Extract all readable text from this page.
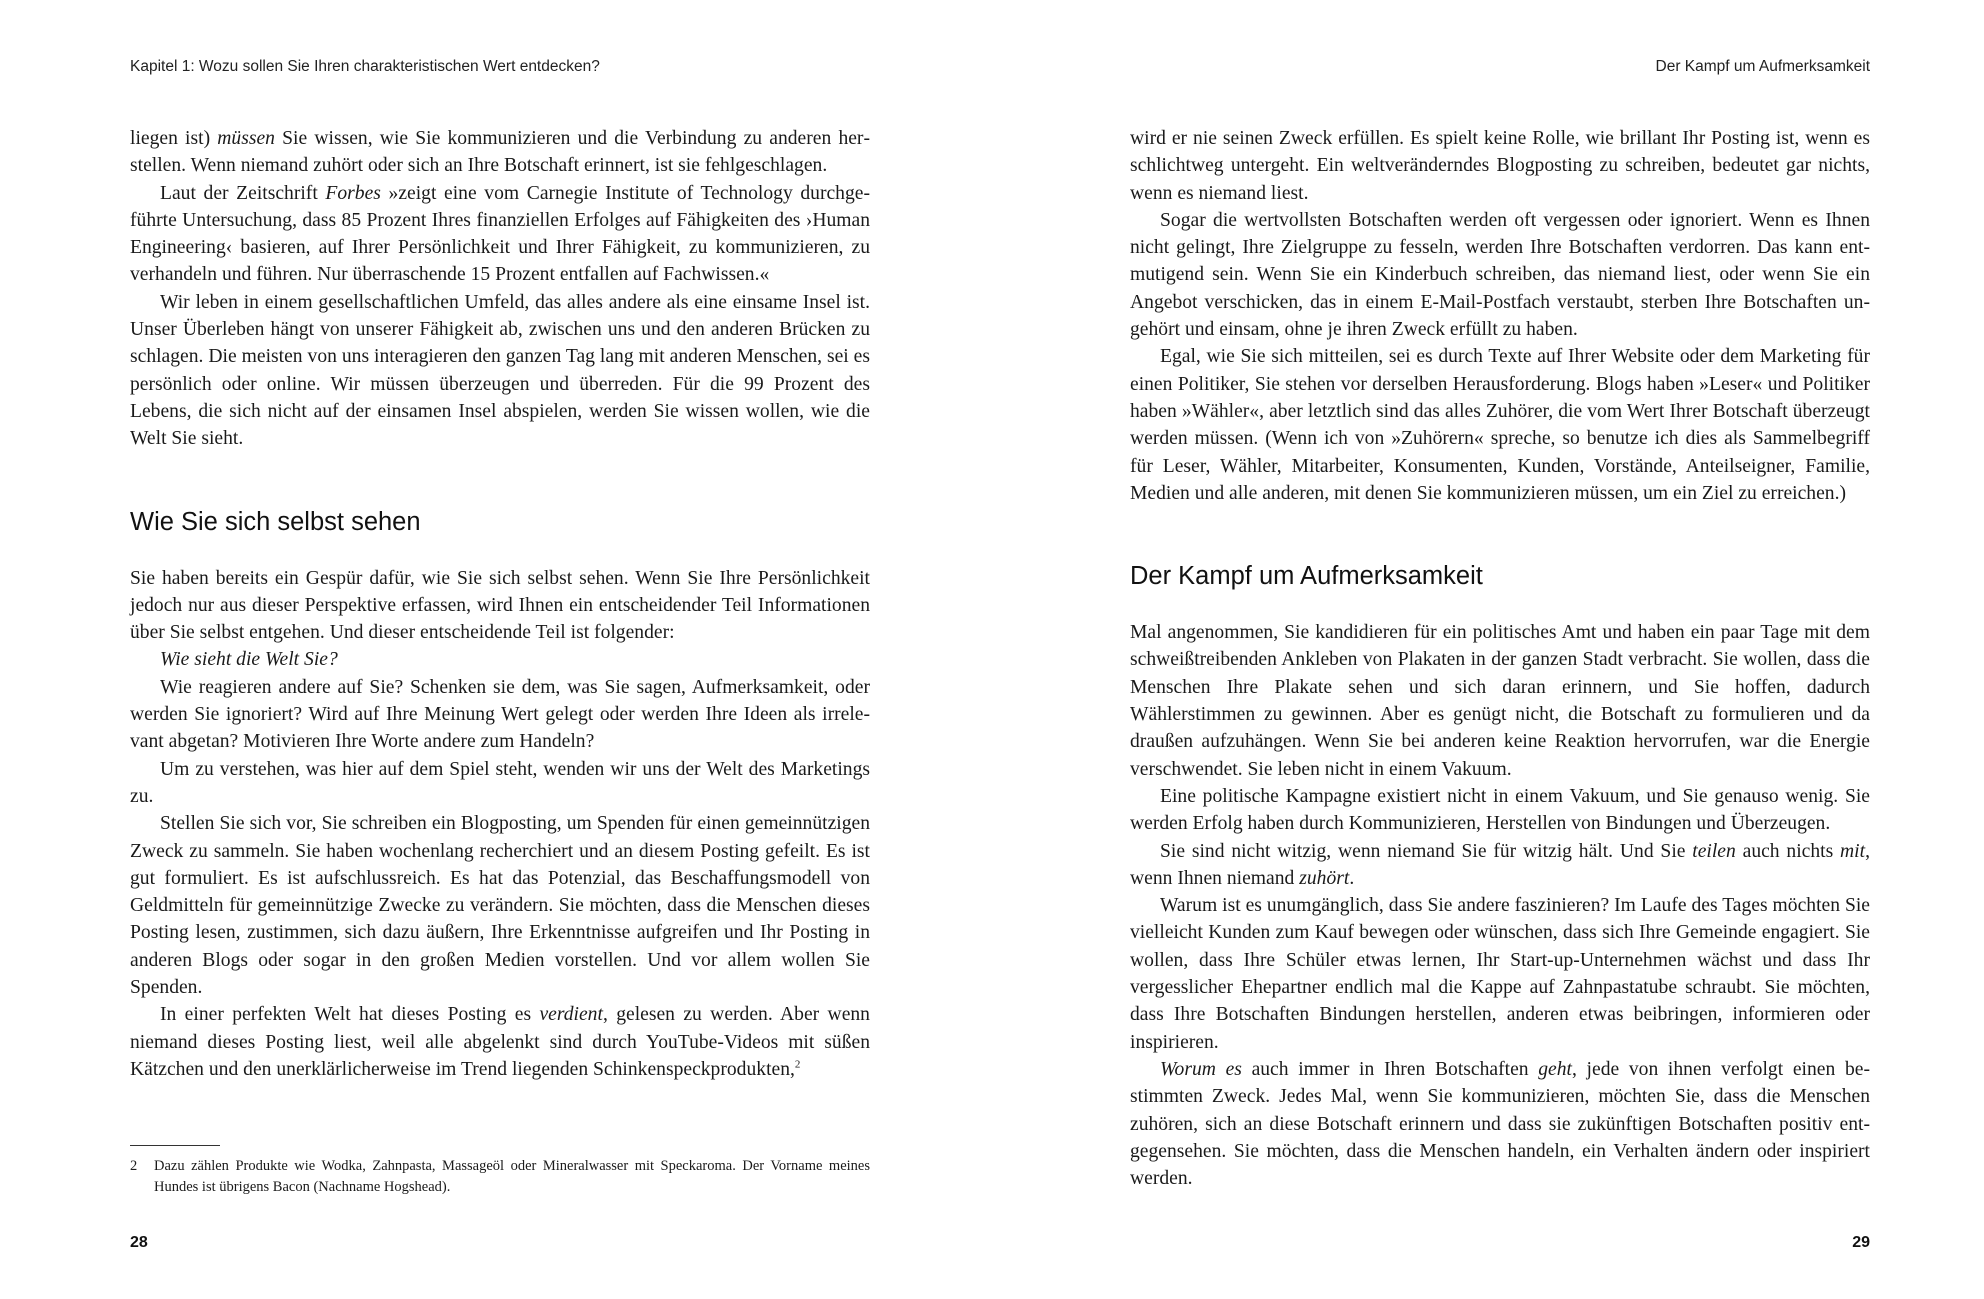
Kapitel 1: Wozu sollen Sie Ihren charakteristischen Wert entdecken?

liegen ist) müssen Sie wissen, wie Sie kommunizieren und die Verbindung zu anderen herstellen. Wenn niemand zuhört oder sich an Ihre Botschaft erinnert, ist sie fehlgeschlagen.

Laut der Zeitschrift Forbes »zeigt eine vom Carnegie Institute of Technology durchgeführte Untersuchung, dass 85 Prozent Ihres finanziellen Erfolges auf Fähigkeiten des ›Human Engineering‹ basieren, auf Ihrer Persönlichkeit und Ihrer Fähigkeit, zu kommunizieren, zu verhandeln und führen. Nur überraschende 15 Prozent entfallen auf Fachwissen.«

Wir leben in einem gesellschaftlichen Umfeld, das alles andere als eine einsame Insel ist. Unser Überleben hängt von unserer Fähigkeit ab, zwischen uns und den anderen Brücken zu schlagen. Die meisten von uns interagieren den ganzen Tag lang mit anderen Menschen, sei es persönlich oder online. Wir müssen überzeugen und überreden. Für die 99 Prozent des Lebens, die sich nicht auf der einsamen Insel abspielen, werden Sie wissen wollen, wie die Welt Sie sieht.

Wie Sie sich selbst sehen

Sie haben bereits ein Gespür dafür, wie Sie sich selbst sehen. Wenn Sie Ihre Persönlichkeit jedoch nur aus dieser Perspektive erfassen, wird Ihnen ein entscheidender Teil Informationen über Sie selbst entgehen. Und dieser entscheidende Teil ist folgender:

Wie sieht die Welt Sie?

Wie reagieren andere auf Sie? Schenken sie dem, was Sie sagen, Aufmerksamkeit, oder werden Sie ignoriert? Wird auf Ihre Meinung Wert gelegt oder werden Ihre Ideen als irrelevant abgetan? Motivieren Ihre Worte andere zum Handeln?

Um zu verstehen, was hier auf dem Spiel steht, wenden wir uns der Welt des Marketings zu.

Stellen Sie sich vor, Sie schreiben ein Blogposting, um Spenden für einen gemeinnützigen Zweck zu sammeln. Sie haben wochenlang recherchiert und an diesem Posting gefeilt. Es ist gut formuliert. Es ist aufschlussreich. Es hat das Potenzial, das Beschaffungsmodell von Geldmitteln für gemeinnützige Zwecke zu verändern. Sie möchten, dass die Menschen dieses Posting lesen, zustimmen, sich dazu äußern, Ihre Erkenntnisse aufgreifen und Ihr Posting in anderen Blogs oder sogar in den großen Medien vorstellen. Und vor allem wollen Sie Spenden.

In einer perfekten Welt hat dieses Posting es verdient, gelesen zu werden. Aber wenn niemand dieses Posting liest, weil alle abgelenkt sind durch YouTube-Videos mit süßen Kätzchen und den unerklärlicherweise im Trend liegenden Schinkenspeckprodukten,$^2$

2 Dazu zählen Produkte wie Wodka, Zahnpasta, Massageöl oder Mineralwasser mit Speckaroma. Der Vorname meines Hundes ist übrigens Bacon (Nachname Hogshead).
28
Der Kampf um Aufmerksamkeit

wird er nie seinen Zweck erfüllen. Es spielt keine Rolle, wie brillant Ihr Posting ist, wenn es schlichtweg untergeht. Ein weltveränderndes Blogposting zu schreiben, bedeutet gar nichts, wenn es niemand liest.

Sogar die wertvollsten Botschaften werden oft vergessen oder ignoriert. Wenn es Ihnen nicht gelingt, Ihre Zielgruppe zu fesseln, werden Ihre Botschaften verdorren. Das kann entmutigend sein. Wenn Sie ein Kinderbuch schreiben, das niemand liest, oder wenn Sie ein Angebot verschicken, das in einem E-Mail-Postfach verstaubt, sterben Ihre Botschaften ungehört und einsam, ohne je ihren Zweck erfüllt zu haben.

Egal, wie Sie sich mitteilen, sei es durch Texte auf Ihrer Website oder dem Marketing für einen Politiker, Sie stehen vor derselben Herausforderung. Blogs haben »Leser« und Politiker haben »Wähler«, aber letztlich sind das alles Zuhörer, die vom Wert Ihrer Botschaft überzeugt werden müssen. (Wenn ich von »Zuhörern« spreche, so benutze ich dies als Sammelbegriff für Leser, Wähler, Mitarbeiter, Konsumenten, Kunden, Vorstände, Anteilseigner, Familie, Medien und alle anderen, mit denen Sie kommunizieren müssen, um ein Ziel zu erreichen.)

Der Kampf um Aufmerksamkeit

Mal angenommen, Sie kandidieren für ein politisches Amt und haben ein paar Tage mit dem schweißtreibenden Ankleben von Plakaten in der ganzen Stadt verbracht. Sie wollen, dass die Menschen Ihre Plakate sehen und sich daran erinnern, und Sie hoffen, dadurch Wählerstimmen zu gewinnen. Aber es genügt nicht, die Botschaft zu formulieren und da draußen aufzuhängen. Wenn Sie bei anderen keine Reaktion hervorrufen, war die Energie verschwendet. Sie leben nicht in einem Vakuum.

Eine politische Kampagne existiert nicht in einem Vakuum, und Sie genauso wenig. Sie werden Erfolg haben durch Kommunizieren, Herstellen von Bindungen und Überzeugen.

Sie sind nicht witzig, wenn niemand Sie für witzig hält. Und Sie teilen auch nichts mit, wenn Ihnen niemand zuhört.

Warum ist es unumgänglich, dass Sie andere faszinieren? Im Laufe des Tages möchten Sie vielleicht Kunden zum Kauf bewegen oder wünschen, dass sich Ihre Gemeinde engagiert. Sie wollen, dass Ihre Schüler etwas lernen, Ihr Start-up-Unternehmen wächst und dass Ihr vergesslicher Ehepartner endlich mal die Kappe auf Zahnpastatube schraubt. Sie möchten, dass Ihre Botschaften Bindungen herstellen, anderen etwas beibringen, informieren oder inspirieren.

Worum es auch immer in Ihren Botschaften geht, jede von ihnen verfolgt einen bestimmten Zweck. Jedes Mal, wenn Sie kommunizieren, möchten Sie, dass die Menschen zuhören, sich an diese Botschaft erinnern und dass sie zukünftigen Botschaften positiv entgegensehen. Sie möchten, dass die Menschen handeln, ein Verhalten ändern oder inspiriert werden.

29
